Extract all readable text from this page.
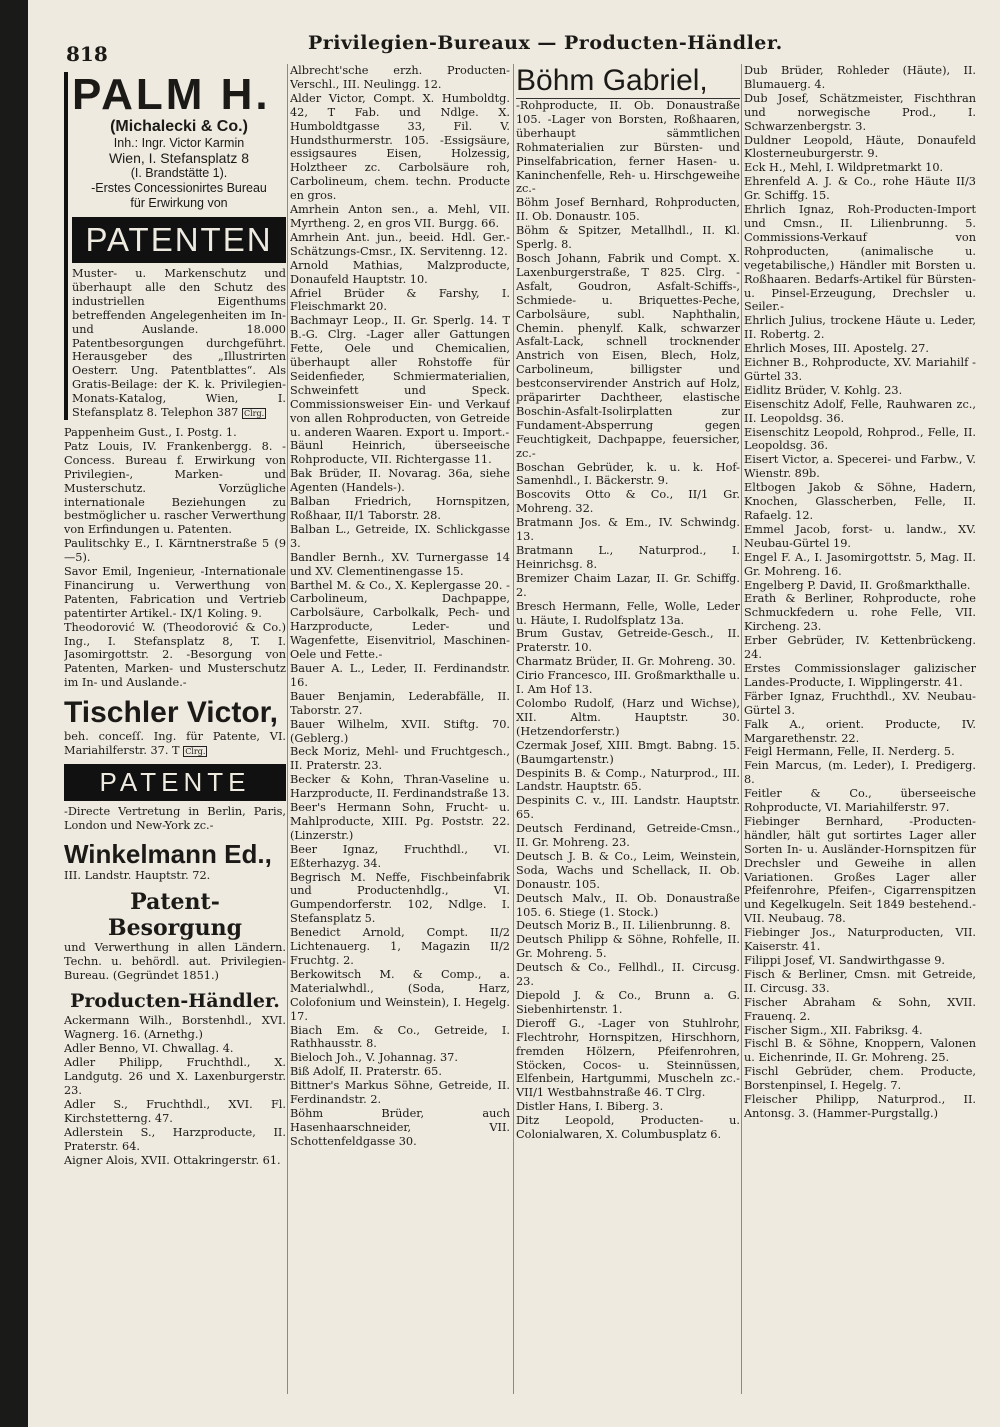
818	Privilegien-Bureaux — Producten-Händler.
PALM H.
(Michalecki & Co.)
Inh.: Ingr. Victor Karmin
Wien, I. Stefansplatz 8
(I. Brandstätte 1).
-Erstes Concessionirtes Bureau
für Erwirkung von
PATENTEN
Muster- u. Markenschutz und überhaupt alle den Schutz des industriellen Eigenthums betreffenden Angelegenheiten im In- und Auslande. 18.000 Patentbesorgungen durchgeführt. Herausgeber des „Illustrirten Oesterr. Ung. Patentblattes“. Als Gratis-Beilage: der K. k. Privilegien-Monats-Katalog, Wien, I. Stefansplatz 8. Telephon 387 Clrg.
Pappenheim Gust., I. Postg. 1.
Patz Louis, IV. Frankenbergg. 8. -Concess. Bureau f. Erwirkung von Privilegien-, Marken- und Musterschutz. Vorzügliche internationale Beziehungen zu bestmöglicher u. rascher Verwerthung von Erfindungen u. Patenten.
Paulitschky E., I. Kärntnerstraße 5 (9—5).
Savor Emil, Ingenieur, -Internationale Financirung u. Verwerthung von Patenten, Fabrication und Vertrieb patentirter Artikel.- IX/1 Koling. 9.
Theodorović W. (Theodorović & Co.) Ing., I. Stefansplatz 8, T. I. Jasomirgottstr. 2. -Besorgung von Patenten, Marken- und Musterschutz im In- und Auslande.-
Tischler Victor,
beh. conceſſ. Ing. für Patente, VI. Mariahilferstr. 37. T Clrg.
PATENTE
-Directe Vertretung in Berlin, Paris, London und New-York zc.-
Winkelmann Ed.,
III. Landstr. Hauptstr. 72.
Patent-Besorgung
und Verwerthung in allen Ländern. Techn. u. behördl. aut. Privilegien-Bureau. (Gegründet 1851.)
Producten-Händler.
Ackermann Wilh., Borstenhdl., XVI. Wagnerg. 16. (Arnethg.)
Adler Benno, VI. Chwallag. 4.
Adler Philipp, Fruchthdl., X. Landgutg. 26 und X. Laxenburgerstr. 23.
Adler S., Fruchthdl., XVI. Fl. Kirchstetterng. 47.
Adlerstein S., Harzproducte, II. Praterstr. 64.
Aigner Alois, XVII. Ottakringerstr. 61.
Albrecht'sche erzh. Producten-Verschl., III. Neulingg. 12.
Alder Victor, Compt. X. Humboldtg. 42, T Fab. und Ndlge. X. Humboldtgasse 33, Fil. V. Hundsthurmerstr. 105. -Essigsäure, essigsaures Eisen, Holzessig, Holztheer zc. Carbolsäure roh, Carbolineum, chem. techn. Producte en gros.
Amrhein Anton sen., a. Mehl, VII. Myrtheng. 2, en gros VII. Burgg. 66.
Amrhein Ant. jun., beeid. Hdl. Ger.-Schätzungs-Cmsr., IX. Servitenng. 12.
Arnold Mathias, Malzproducte, Donaufeld Hauptstr. 10.
Afriel Brüder & Farshy, I. Fleischmarkt 20.
Bachmayr Leop., II. Gr. Sperlg. 14. T B.-G. Clrg. -Lager aller Gattungen Fette, Oele und Chemicalien, überhaupt aller Rohstoffe für Seidenfieder, Schmiermaterialien, Schweinfett und Speck. Commissionsweiser Ein- und Verkauf von allen Rohproducten, von Getreide u. anderen Waaren. Export u. Import.-
Bäunl Heinrich, überseeische Rohproducte, VII. Richtergasse 11.
Bak Brüder, II. Novarag. 36a, siehe Agenten (Handels-).
Balban Friedrich, Hornspitzen, Roßhaar, II/1 Taborstr. 28.
Balban L., Getreide, IX. Schlickgasse 3.
Bandler Bernh., XV. Turnergasse 14 und XV. Clementinengasse 15.
Barthel M. & Co., X. Keplergasse 20. -Carbolineum, Dachpappe, Carbolsäure, Carbolkalk, Pech- und Harzproducte, Leder- und Wagenfette, Eisenvitriol, Maschinen-Oele und Fette.-
Bauer A. L., Leder, II. Ferdinandstr. 16.
Bauer Benjamin, Lederabfälle, II. Taborstr. 27.
Bauer Wilhelm, XVII. Stiftg. 70. (Geblerg.)
Beck Moriz, Mehl- und Fruchtgesch., II. Praterstr. 23.
Becker & Kohn, Thran-Vaseline u. Harzproducte, II. Ferdinandstraße 13.
Beer's Hermann Sohn, Frucht- u. Mahlproducte, XIII. Pg. Poststr. 22. (Linzerstr.)
Beer Ignaz, Fruchthdl., VI. Eßterhazyg. 34.
Begrisch M. Neffe, Fischbeinfabrik und Productenhdlg., VI. Gumpendorferstr. 102, Ndlge. I. Stefansplatz 5.
Benedict Arnold, Compt. II/2 Lichtenauerg. 1, Magazin II/2 Fruchtg. 2.
Berkowitsch M. & Comp., a. Materialwhdl., (Soda, Harz, Colofonium und Weinstein), I. Hegelg. 17.
Biach Em. & Co., Getreide, I. Rathhausstr. 8.
Bieloch Joh., V. Johannag. 37.
Biß Adolf, II. Praterstr. 65.
Bittner's Markus Söhne, Getreide, II. Ferdinandstr. 2.
Böhm Brüder, auch Hasenhaarschneider, VII. Schottenfeldgasse 30.
Böhm Gabriel,
-Rohproducte, II. Ob. Donaustraße 105. -Lager von Borsten, Roßhaaren, überhaupt sämmtlichen Rohmaterialien zur Bürsten- und Pinselfabrication, ferner Hasen- u. Kaninchenfelle, Reh- u. Hirschgeweihe zc.-
Böhm Josef Bernhard, Rohproducten, II. Ob. Donaustr. 105.
Böhm & Spitzer, Metallhdl., II. Kl. Sperlg. 8.
Bosch Johann, Fabrik und Compt. X. Laxenburgerstraße, T 825. Clrg. -Asfalt, Goudron, Asfalt-Schiffs-, Schmiede- u. Briquettes-Peche, Carbolsäure, subl. Naphthalin, Chemin. phenylf. Kalk, schwarzer Asfalt-Lack, schnell trocknender Anstrich von Eisen, Blech, Holz, Carbolineum, billigster und bestconservirender Anstrich auf Holz, präparirter Dachtheer, elastische Boschin-Asfalt-Isolirplatten zur Fundament-Absperrung gegen Feuchtigkeit, Dachpappe, feuersicher, zc.-
Boschan Gebrüder, k. u. k. Hof-Samenhdl., I. Bäckerstr. 9.
Boscovits Otto & Co., II/1 Gr. Mohreng. 32.
Bratmann Jos. & Em., IV. Schwindg. 13.
Bratmann L., Naturprod., I. Heinrichsg. 8.
Bremizer Chaim Lazar, II. Gr. Schiffg. 2.
Bresch Hermann, Felle, Wolle, Leder u. Häute, I. Rudolfsplatz 13a.
Brum Gustav, Getreide-Gesch., II. Praterstr. 10.
Charmatz Brüder, II. Gr. Mohreng. 30.
Cirio Francesco, III. Großmarkthalle u. I. Am Hof 13.
Colombo Rudolf, (Harz und Wichse), XII. Altm. Hauptstr. 30. (Hetzendorferstr.)
Czermak Josef, XIII. Bmgt. Babng. 15. (Baumgartenstr.)
Despinits B. & Comp., Naturprod., III. Landstr. Hauptstr. 65.
Despinits C. v., III. Landstr. Hauptstr. 65.
Deutsch Ferdinand, Getreide-Cmsn., II. Gr. Mohreng. 23.
Deutsch J. B. & Co., Leim, Weinstein, Soda, Wachs und Schellack, II. Ob. Donaustr. 105.
Deutsch Malv., II. Ob. Donaustraße 105. 6. Stiege (1. Stock.)
Deutsch Moriz B., II. Lilienbrunng. 8.
Deutsch Philipp & Söhne, Rohfelle, II. Gr. Mohreng. 5.
Deutsch & Co., Fellhdl., II. Circusg. 23.
Diepold J. & Co., Brunn a. G. Siebenhirtenstr. 1.
Dieroff G., -Lager von Stuhlrohr, Flechtrohr, Hornspitzen, Hirschhorn, fremden Hölzern, Pfeifenrohren, Stöcken, Cocos- u. Steinnüssen, Elfenbein, Hartgummi, Muscheln zc.- VII/1 Westbahnstraße 46. T Clrg.
Distler Hans, I. Biberg. 3.
Ditz Leopold, Producten- u. Colonialwaren, X. Columbusplatz 6.
Dub Brüder, Rohleder (Häute), II. Blumauerg. 4.
Dub Josef, Schätzmeister, Fischthran und norwegische Prod., I. Schwarzenbergstr. 3.
Duldner Leopold, Häute, Donaufeld Klosterneuburgerstr. 9.
Eck H., Mehl, I. Wildpretmarkt 10.
Ehrenfeld A. J. & Co., rohe Häute II/3 Gr. Schiffg. 15.
Ehrlich Ignaz, Roh-Producten-Import und Cmsn., II. Lilienbrunng. 5. Commissions-Verkauf von Rohproducten, (animalische u. vegetabilische,) Händler mit Borsten u. Roßhaaren. Bedarfs-Artikel für Bürsten- u. Pinsel-Erzeugung, Drechsler u. Seiler.-
Ehrlich Julius, trockene Häute u. Leder, II. Robertg. 2.
Ehrlich Moses, III. Apostelg. 27.
Eichner B., Rohproducte, XV. Mariahilf - Gürtel 33.
Eidlitz Brüder, V. Kohlg. 23.
Eisenschitz Adolf, Felle, Rauhwaren zc., II. Leopoldsg. 36.
Eisenschitz Leopold, Rohprod., Felle, II. Leopoldsg. 36.
Eisert Victor, a. Specerei- und Farbw., V. Wienstr. 89b.
Eltbogen Jakob & Söhne, Hadern, Knochen, Glasscherben, Felle, II. Rafaelg. 12.
Emmel Jacob, forst- u. landw., XV. Neubau-Gürtel 19.
Engel F. A., I. Jasomirgottstr. 5, Mag. II. Gr. Mohreng. 16.
Engelberg P. David, II. Großmarkthalle.
Erath & Berliner, Rohproducte, rohe Schmuckfedern u. rohe Felle, VII. Kircheng. 23.
Erber Gebrüder, IV. Kettenbrückeng. 24.
Erstes Commissionslager galizischer Landes-Producte, I. Wipplingerstr. 41.
Färber Ignaz, Fruchthdl., XV. Neubau-Gürtel 3.
Falk A., orient. Producte, IV. Margarethenstr. 22.
Feigl Hermann, Felle, II. Nerderg. 5.
Fein Marcus, (m. Leder), I. Predigerg. 8.
Feitler & Co., überseeische Rohproducte, VI. Mariahilferstr. 97.
Fiebinger Bernhard, -Producten-händler, hält gut sortirtes Lager aller Sorten In- u. Ausländer-Hornspitzen für Drechsler und Geweihe in allen Variationen. Großes Lager aller Pfeifenrohre, Pfeifen-, Cigarrenspitzen und Kegelkugeln. Seit 1849 bestehend.- VII. Neubaug. 78.
Fiebinger Jos., Naturproducten, VII. Kaiserstr. 41.
Filippi Josef, VI. Sandwirthgasse 9.
Fisch & Berliner, Cmsn. mit Getreide, II. Circusg. 33.
Fischer Abraham & Sohn, XVII. Frauenq. 2.
Fischer Sigm., XII. Fabriksg. 4.
Fischl B. & Söhne, Knoppern, Valonen u. Eichenrinde, II. Gr. Mohreng. 25.
Fischl Gebrüder, chem. Producte, Borstenpinsel, I. Hegelg. 7.
Fleischer Philipp, Naturprod., II. Antonsg. 3. (Hammer-Purgstallg.)
